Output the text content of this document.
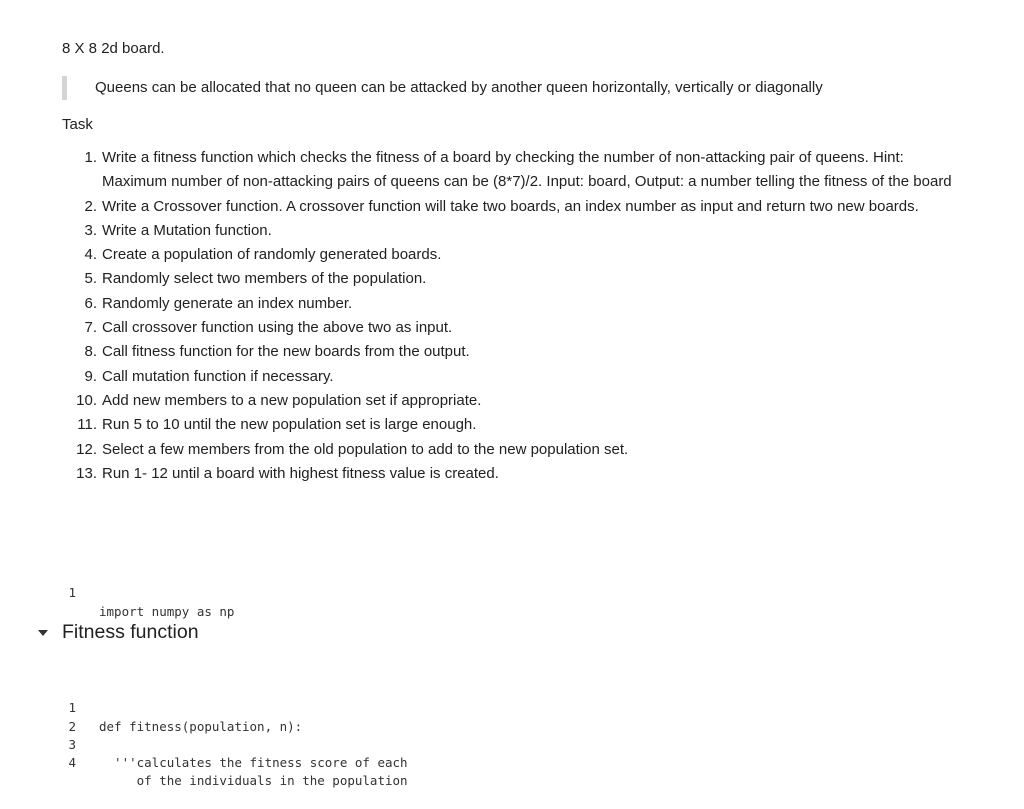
8 X 8 2d board.
Queens can be allocated that no queen can be attacked by another queen horizontally, vertically or diagonally
Task
1. Write a fitness function which checks the fitness of a board by checking the number of non-attacking pair of queens. Hint: Maximum number of non-attacking pairs of queens can be (8*7)/2. Input: board, Output: a number telling the fitness of the board
2. Write a Crossover function. A crossover function will take two boards, an index number as input and return two new boards.
3. Write a Mutation function.
4. Create a population of randomly generated boards.
5. Randomly select two members of the population.
6. Randomly generate an index number.
7. Call crossover function using the above two as input.
8. Call fitness function for the new boards from the output.
9. Call mutation function if necessary.
10. Add new members to a new population set if appropriate.
11. Run 5 to 10 until the new population set is large enough.
12. Select a few members from the old population to add to the new population set.
13. Run 1- 12 until a board with highest fitness value is created.

1

import numpy as np

Fitness function

1

def fitness(population, n):

2

3

'''calculates the fitness score of each

4

of the individuals in the population
